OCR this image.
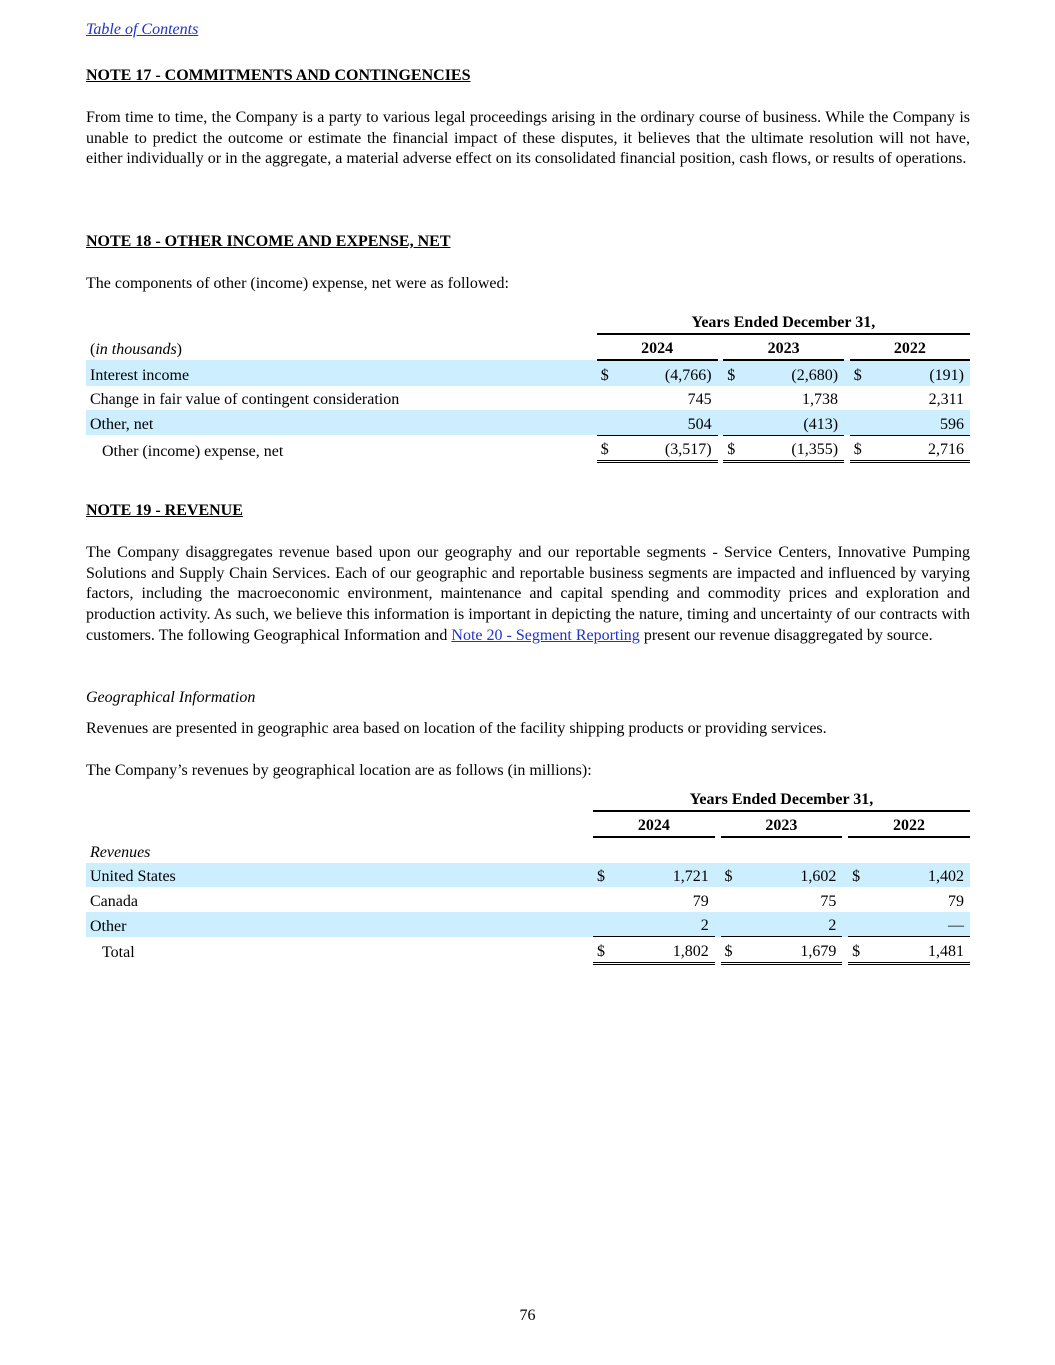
Table of Contents
NOTE 17 - COMMITMENTS AND CONTINGENCIES
From time to time, the Company is a party to various legal proceedings arising in the ordinary course of business. While the Company is unable to predict the outcome or estimate the financial impact of these disputes, it believes that the ultimate resolution will not have, either individually or in the aggregate, a material adverse effect on its consolidated financial position, cash flows, or results of operations.
NOTE 18 - OTHER INCOME AND EXPENSE, NET
The components of other (income) expense, net were as followed:
	Years Ended December 31,							
(in thousands)	2024			2023			2022	
Interest income	$	(4,766)		$	(2,680)		$	(191)
Change in fair value of contingent consideration		745			1,738			2,311
Other, net		504			(413)			596
Other (income) expense, net	$	(3,517)		$	(1,355)		$	2,716
NOTE 19 - REVENUE
The Company disaggregates revenue based upon our geography and our reportable segments - Service Centers, Innovative Pumping Solutions and Supply Chain Services. Each of our geographic and reportable business segments are impacted and influenced by varying factors, including the macroeconomic environment, maintenance and capital spending and commodity prices and exploration and production activity. As such, we believe this information is important in depicting the nature, timing and uncertainty of our contracts with customers. The following Geographical Information and Note 20 - Segment Reporting present our revenue disaggregated by source.
Geographical Information
Revenues are presented in geographic area based on location of the facility shipping products or providing services.
The Company’s revenues by geographical location are as follows (in millions):
	Years Ended December 31,							
	2024			2023			2022	
Revenues								
United States	$	1,721		$	1,602		$	1,402
Canada		79			75			79
Other		2			2			—
Total	$	1,802		$	1,679		$	1,481
76
